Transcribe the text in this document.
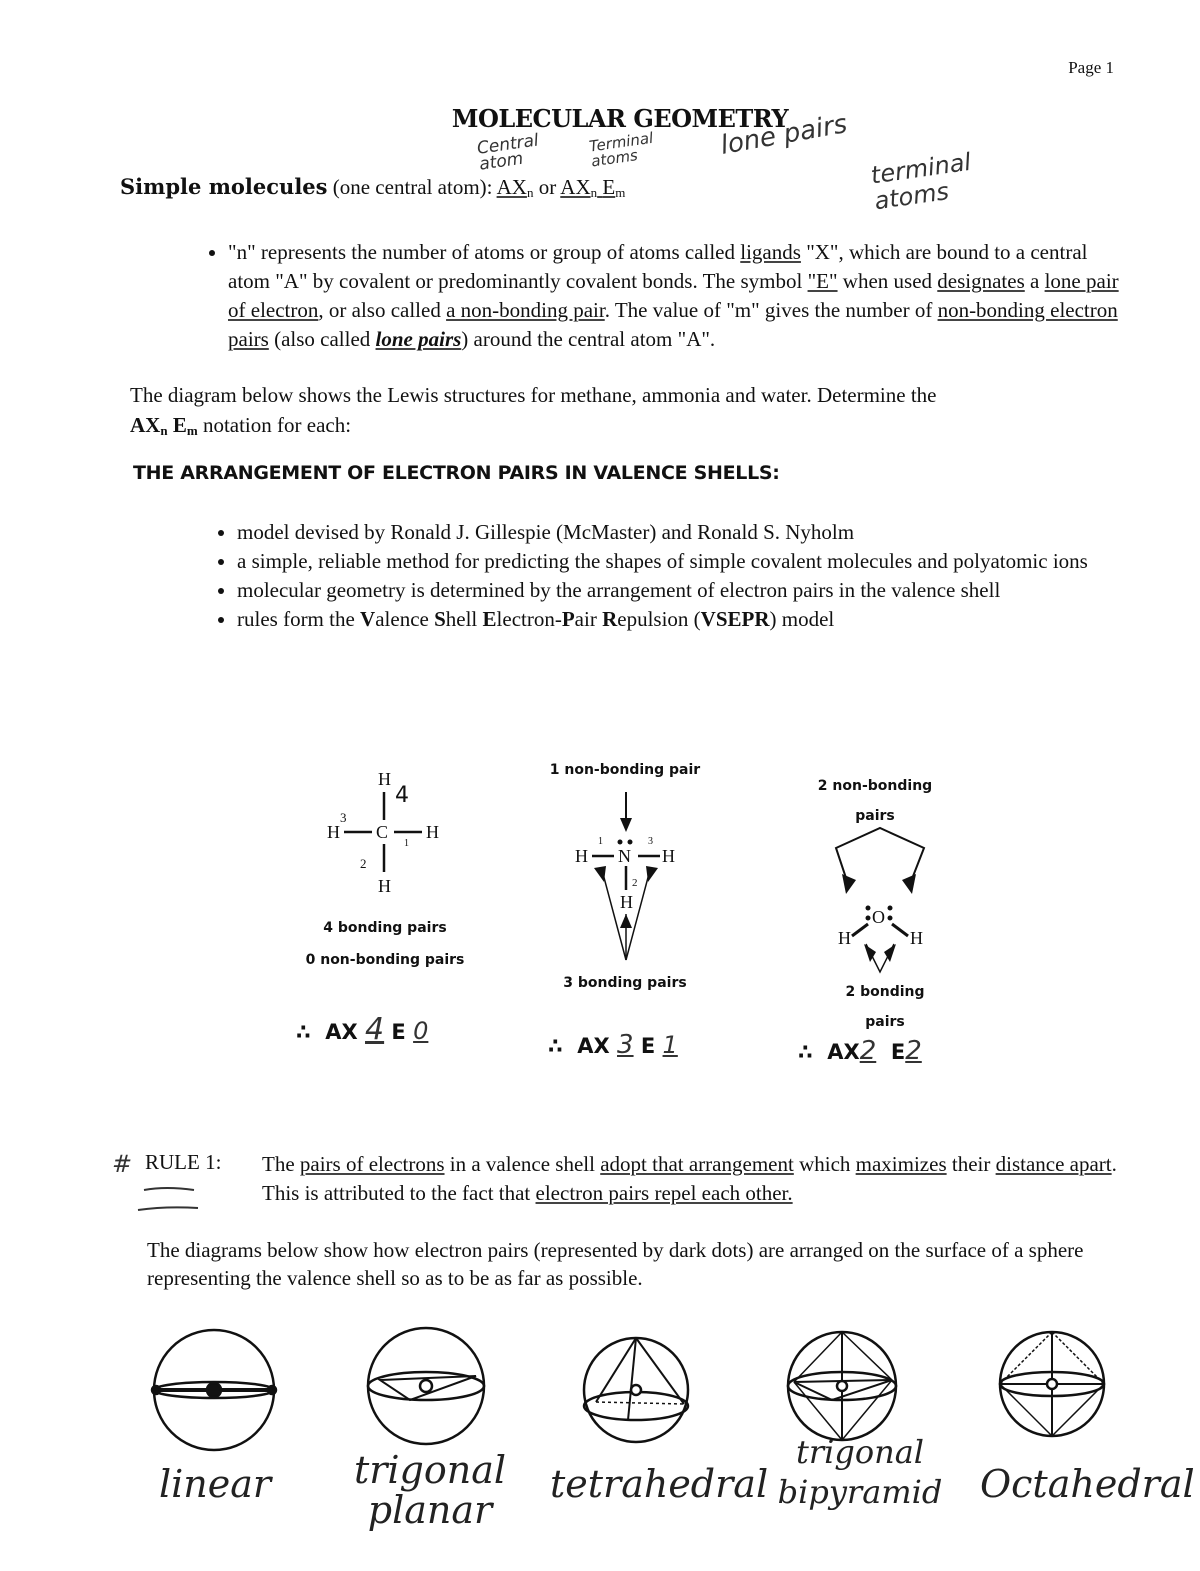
Page 1
MOLECULAR GEOMETRY
Central atom
Terminal atoms	lone pairs
terminal atoms
Simple molecules (one central atom): $AX_n$ or $AX_n$ $E_m$
• "n" represents the number of atoms or group of atoms called ligands "X", which are bound to a central atom "A" by covalent or predominantly covalent bonds. The symbol "E" when used designates a lone pair of electron, or also called a non-bonding pair. The value of "m" gives the number of non-bonding electron pairs (also called lone pairs) around the central atom "A".
The diagram below shows the Lewis structures for methane, ammonia and water. Determine the
$AX_n$ $E_m$ notation for each:
THE ARRANGEMENT OF ELECTRON PAIRS IN VALENCE SHELLS:
• model devised by Ronald J. Gillespie (McMaster) and Ronald S. Nyholm
• a simple, reliable method for predicting the shapes of simple covalent molecules and polyatomic ions
• molecular geometry is determined by the arrangement of electron pairs in the valence shell
• rules form the Valence Shell Electron-Pair Repulsion (VSEPR) model
H
H C H
H
4
3
2
1
H N H
H
1	3
2
O
H	H
4 bonding pairs
0 non-bonding pairs
∴ AX 4 E 0
1 non-bonding pair
3 bonding pairs
∴ AX 3 E 1
2 non-bonding
pairs
2 bonding
pairs
∴ AX2 E2
# RULE 1: The pairs of electrons in a valence shell adopt that arrangement which maximizes their distance apart. This is attributed to the fact that electron pairs repel each other.
The diagrams below show how electron pairs (represented by dark dots) are arranged on the surface of a sphere representing the valence shell so as to be as far as possible.
linear	trigonal
planar
tetrahedral
trigonal
bipyramid Octahedral
